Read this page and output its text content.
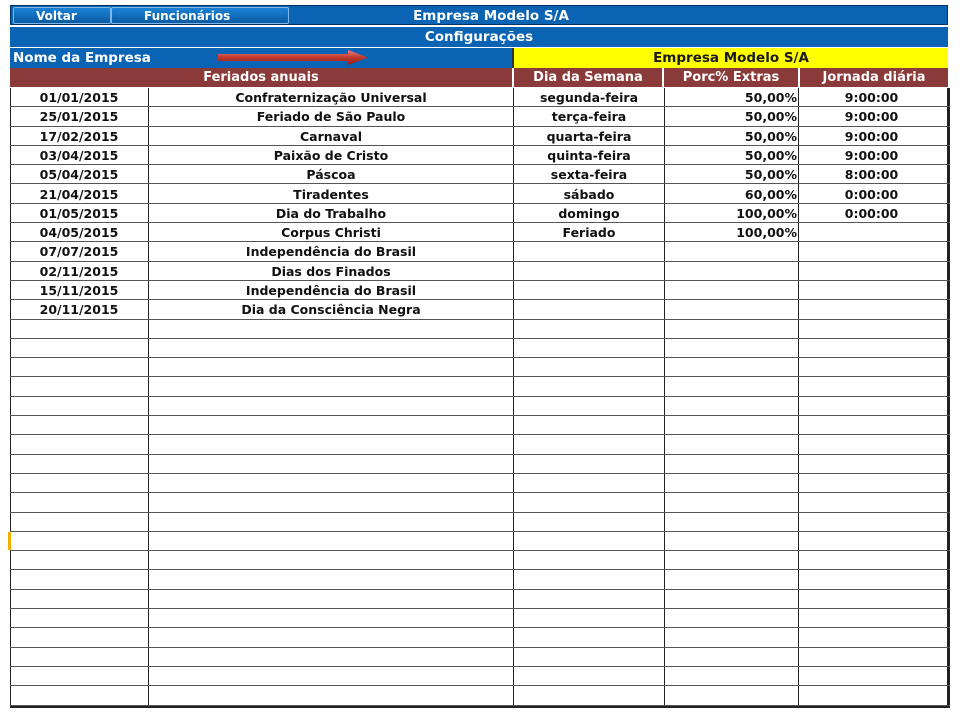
Voltar	Funcionários	Empresa Modelo S/A
Configurações
Nome da Empresa	Empresa Modelo S/A
Feriados anuais	Dia da Semana	Porc% Extras	Jornada diária
01/01/2015	Confraternização Universal	segunda-feira	50,00%	9:00:00
25/01/2015	Feriado de São Paulo	terça-feira	50,00%	9:00:00
17/02/2015	Carnaval	quarta-feira	50,00%	9:00:00
03/04/2015	Paixão de Cristo	quinta-feira	50,00%	9:00:00
05/04/2015	Páscoa	sexta-feira	50,00%	8:00:00
21/04/2015	Tiradentes	sábado	60,00%	0:00:00
01/05/2015	Dia do Trabalho	domingo	100,00%	0:00:00
04/05/2015	Corpus Christi	Feriado	100,00%
07/07/2015	Independência do Brasil
02/11/2015	Dias dos Finados
15/11/2015	Independência do Brasil
20/11/2015	Dia da Consciência Negra
